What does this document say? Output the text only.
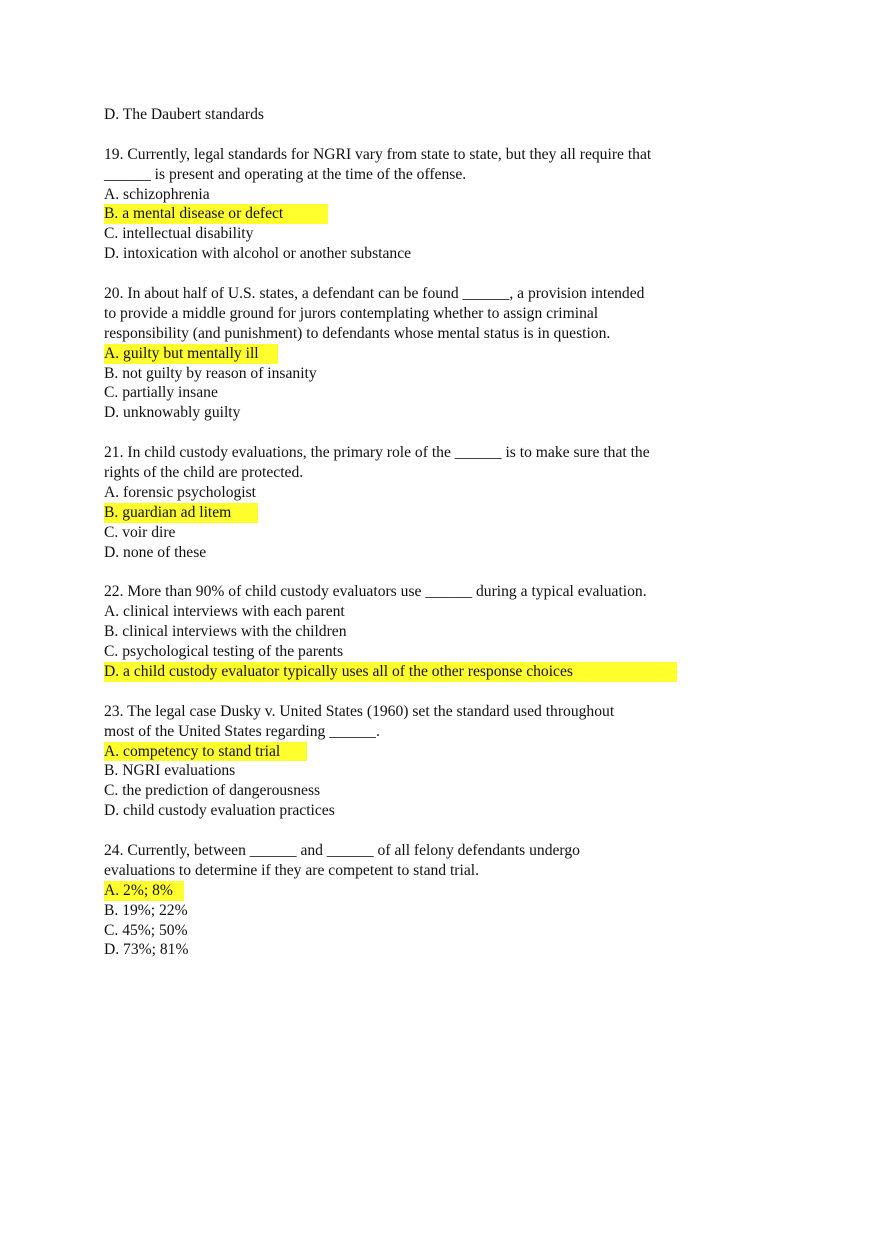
D. The Daubert standards
19. Currently, legal standards for NGRI vary from state to state, but they all require that
______ is present and operating at the time of the offense.
A. schizophrenia
B. a mental disease or defect
C. intellectual disability
D. intoxication with alcohol or another substance
20. In about half of U.S. states, a defendant can be found ______, a provision intended
to provide a middle ground for jurors contemplating whether to assign criminal
responsibility (and punishment) to defendants whose mental status is in question.
A. guilty but mentally ill
B. not guilty by reason of insanity
C. partially insane
D. unknowably guilty
21. In child custody evaluations, the primary role of the ______ is to make sure that the
rights of the child are protected.
A. forensic psychologist
B. guardian ad litem
C. voir dire
D. none of these
22. More than 90% of child custody evaluators use ______ during a typical evaluation.
A. clinical interviews with each parent
B. clinical interviews with the children
C. psychological testing of the parents
D. a child custody evaluator typically uses all of the other response choices
23. The legal case Dusky v. United States (1960) set the standard used throughout
most of the United States regarding ______.
A. competency to stand trial
B. NGRI evaluations
C. the prediction of dangerousness
D. child custody evaluation practices
24. Currently, between ______ and ______ of all felony defendants undergo
evaluations to determine if they are competent to stand trial.
A. 2%; 8%
B. 19%; 22%
C. 45%; 50%
D. 73%; 81%
